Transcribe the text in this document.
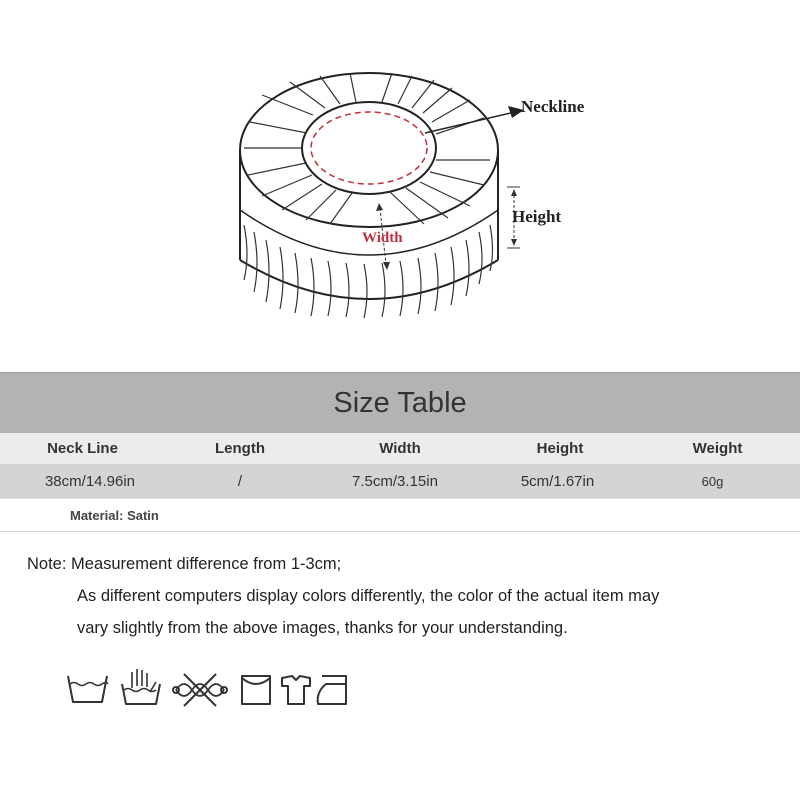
Neckline
Height
Width
Size Table
Neck Line	Length	Width	Height	Weight
38cm/14.96in	/	7.5cm/3.15in	5cm/1.67in	60g
Material: Satin
Note: Measurement difference from 1-3cm;
As different computers display colors differently, the color of the actual item may
vary slightly from the above images, thanks for your understanding.
